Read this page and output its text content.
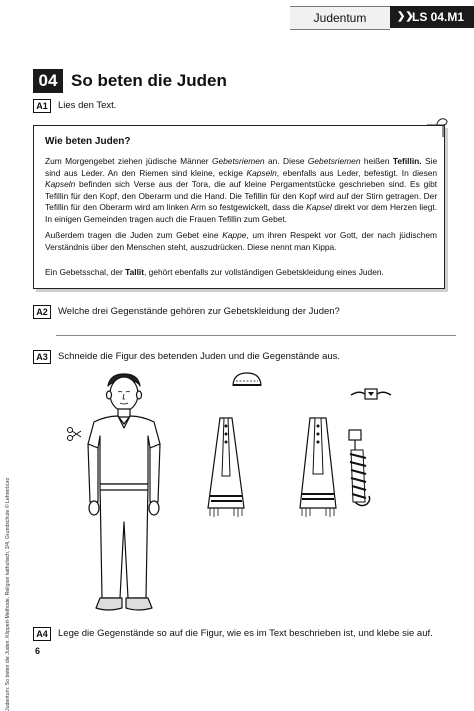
Judentum	❯❯
LS 04.M1
04 So beten die Juden
A1	Lies den Text.
Wie beten Juden?

Zum Morgengebet ziehen jüdische Männer Gebetsriemen an. Diese Gebetsriemen heißen Tefillin. Sie sind aus Leder. An den Riemen sind kleine, eckige Kapseln, ebenfalls aus Leder, befestigt. In diesen Kapseln befinden sich Verse aus der Tora, die auf kleine Pergamentstücke geschrieben sind. Es gibt Tefillin für den Kopf, den Oberarm und die Hand. Die Tefillin für den Kopf wird auf der Stirn getragen. Der Tefillin für den Oberarm wird am linken Arm so festgewickelt, dass die Kapsel direkt vor dem Herzen liegt. In einigen Gemeinden tragen auch die Frauen Tefillin zum Gebet.

Außerdem tragen die Juden zum Gebet eine Kappe, um ihren Respekt vor Gott, der nach jüdischem Verständnis über den Menschen steht, auszudrücken. Diese nennt man Kippa.

Ein Gebetsschal, der Tallit, gehört ebenfalls zur vollständigen Gebetskleidung eines Juden.

A2	Welche drei Gegenstände gehören zur Gebetskleidung der Juden?
A3	Schneide die Figur des betenden Juden und die Gegenstände aus.
A4	Lege die Gegenstände so auf die Figur, wie es im Text beschrieben ist, und klebe sie auf.
Judentum: So beten die Juden. Klippert-Methode, Religion katholisch, 3/4, Grundschule © Lehrerbüro	6
